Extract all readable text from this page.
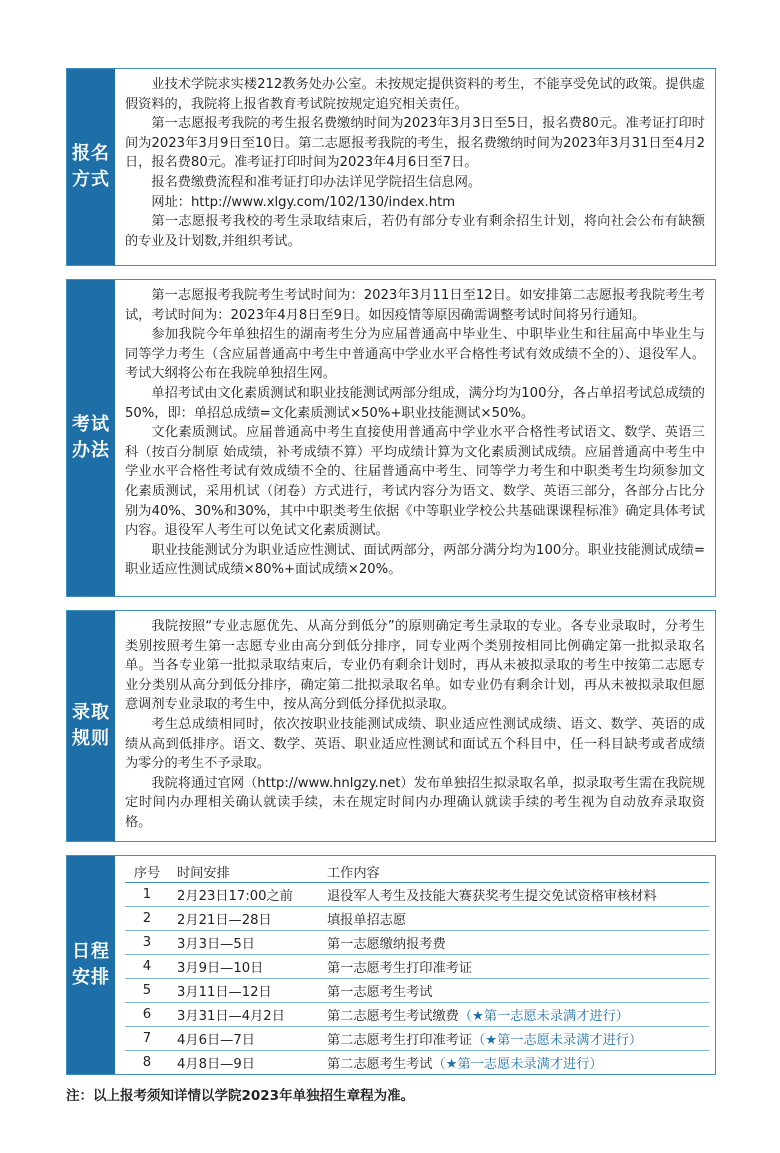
报名方式

业技术学院求实楼212教务处办公室。未按规定提供资料的考生，不能享受免试的政策。提供虚假资料的，我院将上报省教育考试院按规定追究相关责任。

第一志愿报考我院的考生报名费缴纳时间为2023年3月3日至5日，报名费80元。准考证打印时间为2023年3月9日至10日。第二志愿报考我院的考生，报名费缴纳时间为2023年3月31日至4月2日，报名费80元。准考证打印时间为2023年4月6日至7日。

报名费缴费流程和准考证打印办法详见学院招生信息网。

网址：http://www.xlgy.com/102/130/index.htm

第一志愿报考我校的考生录取结束后，若仍有部分专业有剩余招生计划，将向社会公布有缺额的专业及计划数,并组织考试。

考试办法

第一志愿报考我院考生考试时间为：2023年3月11日至12日。如安排第二志愿报考我院考生考试，考试时间为：2023年4月8日至9日。如因疫情等原因确需调整考试时间将另行通知。

参加我院今年单独招生的湖南考生分为应届普通高中毕业生、中职毕业生和往届高中毕业生与同等学力考生（含应届普通高中考生中普通高中学业水平合格性考试有效成绩不全的）、退役军人。考试大纲将公布在我院单独招生网。

单招考试由文化素质测试和职业技能测试两部分组成，满分均为100分，各占单招考试总成绩的50%，即：单招总成绩=文化素质测试×50%+职业技能测试×50%。

文化素质测试。应届普通高中考生直接使用普通高中学业水平合格性考试语文、数学、英语三科（按百分制原 始成绩，补考成绩不算）平均成绩计算为文化素质测试成绩。应届普通高中考生中学业水平合格性考试有效成绩不全的、往届普通高中考生、同等学力考生和中职类考生均须参加文化素质测试，采用机试（闭卷）方式进行，考试内容分为语文、数学、英语三部分，各部分占比分别为40%、30%和30%，其中中职类考生依据《中等职业学校公共基础课课程标准》确定具体考试内容。退役军人考生可以免试文化素质测试。

职业技能测试分为职业适应性测试、面试两部分，两部分满分均为100分。职业技能测试成绩=职业适应性测试成绩×80%+面试成绩×20%。

录取规则

我院按照“专业志愿优先、从高分到低分”的原则确定考生录取的专业。各专业录取时，分考生类别按照考生第一志愿专业由高分到低分排序，同专业两个类别按相同比例确定第一批拟录取名单。当各专业第一批拟录取结束后，专业仍有剩余计划时，再从未被拟录取的考生中按第二志愿专业分类别从高分到低分排序，确定第二批拟录取名单。如专业仍有剩余计划，再从未被拟录取但愿意调剂专业录取的考生中，按从高分到低分择优拟录取。

考生总成绩相同时，依次按职业技能测试成绩、职业适应性测试成绩、语文、数学、英语的成绩从高到低排序。语文、数学、英语、职业适应性测试和面试五个科目中，任一科目缺考或者成绩为零分的考生不予录取。

我院将通过官网（http://www.hnlgzy.net）发布单独招生拟录取名单，拟录取考生需在我院规定时间内办理相关确认就读手续，未在规定时间内办理确认就读手续的考生视为自动放弃录取资格。

日程安排
序号	时间安排	工作内容
1	2月23日17:00之前	退役军人考生及技能大赛获奖考生提交免试资格审核材料
2	2月21日—28日	填报单招志愿
3	3月3日—5日	第一志愿缴纳报考费
4	3月9日—10日	第一志愿考生打印准考证
5	3月11日—12日	第一志愿考生考试
6	3月31日—4月2日	第二志愿考生考试缴费（★第一志愿未录满才进行）
7	4月6日—7日	第二志愿考生打印准考证（★第一志愿未录满才进行）
8	4月8日—9日	第二志愿考生考试（★第一志愿未录满才进行）
注：以上报考须知详情以学院2023年单独招生章程为准。
